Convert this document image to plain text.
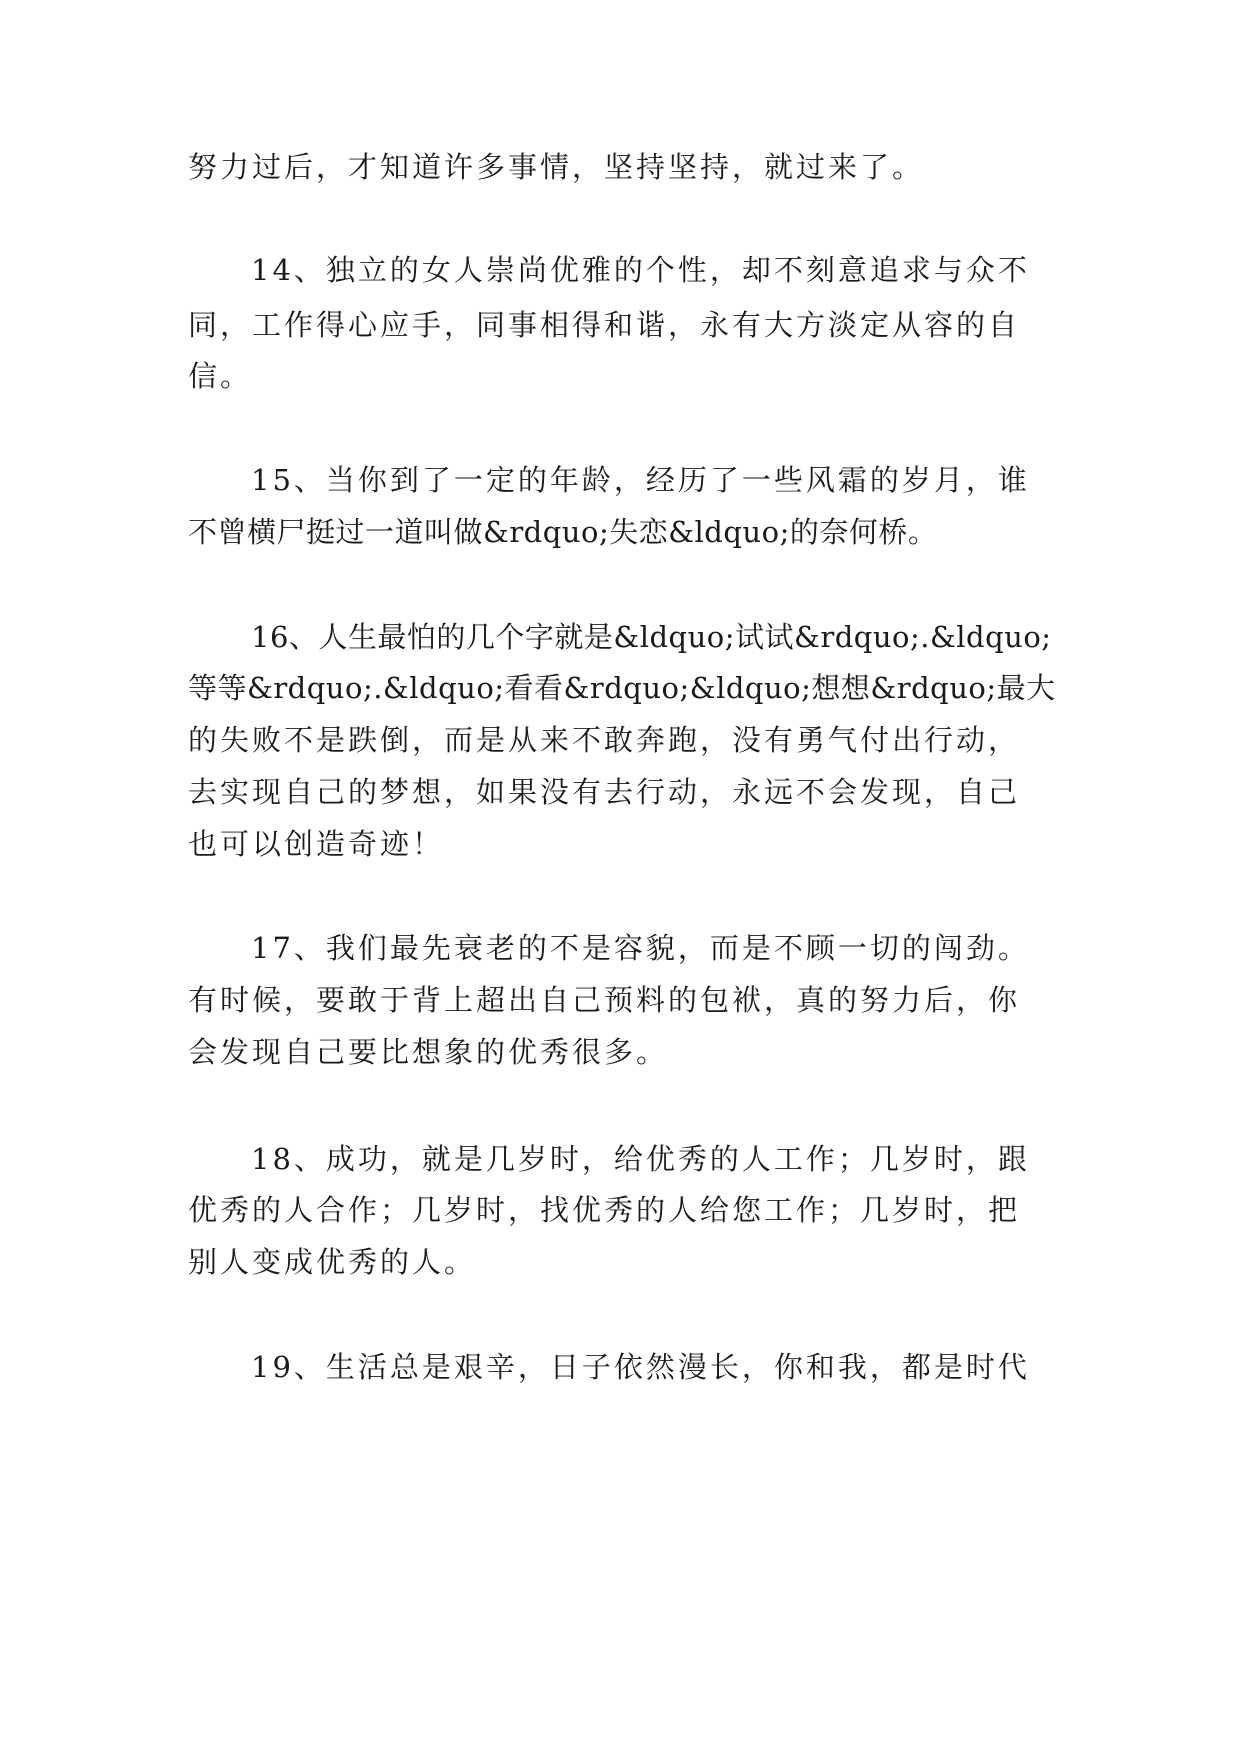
努力过后，才知道许多事情，坚持坚持，就过来了。
14、独立的女人崇尚优雅的个性，却不刻意追求与众不
同，工作得心应手，同事相得和谐，永有大方淡定从容的自
信。
15、当你到了一定的年龄，经历了一些风霜的岁月，谁
不曾横尸挺过一道叫做&rdquo;失恋&ldquo;的奈何桥。
16、人生最怕的几个字就是&ldquo;试试&rdquo;.&ldquo;
等等&rdquo;.&ldquo;看看&rdquo;&ldquo;想想&rdquo;最大
的失败不是跌倒，而是从来不敢奔跑，没有勇气付出行动，
去实现自己的梦想，如果没有去行动，永远不会发现，自己
也可以创造奇迹！
17、我们最先衰老的不是容貌，而是不顾一切的闯劲。
有时候，要敢于背上超出自己预料的包袱，真的努力后，你
会发现自己要比想象的优秀很多。
18、成功，就是几岁时，给优秀的人工作；几岁时，跟
优秀的人合作；几岁时，找优秀的人给您工作；几岁时，把
别人变成优秀的人。
19、生活总是艰辛，日子依然漫长，你和我，都是时代
